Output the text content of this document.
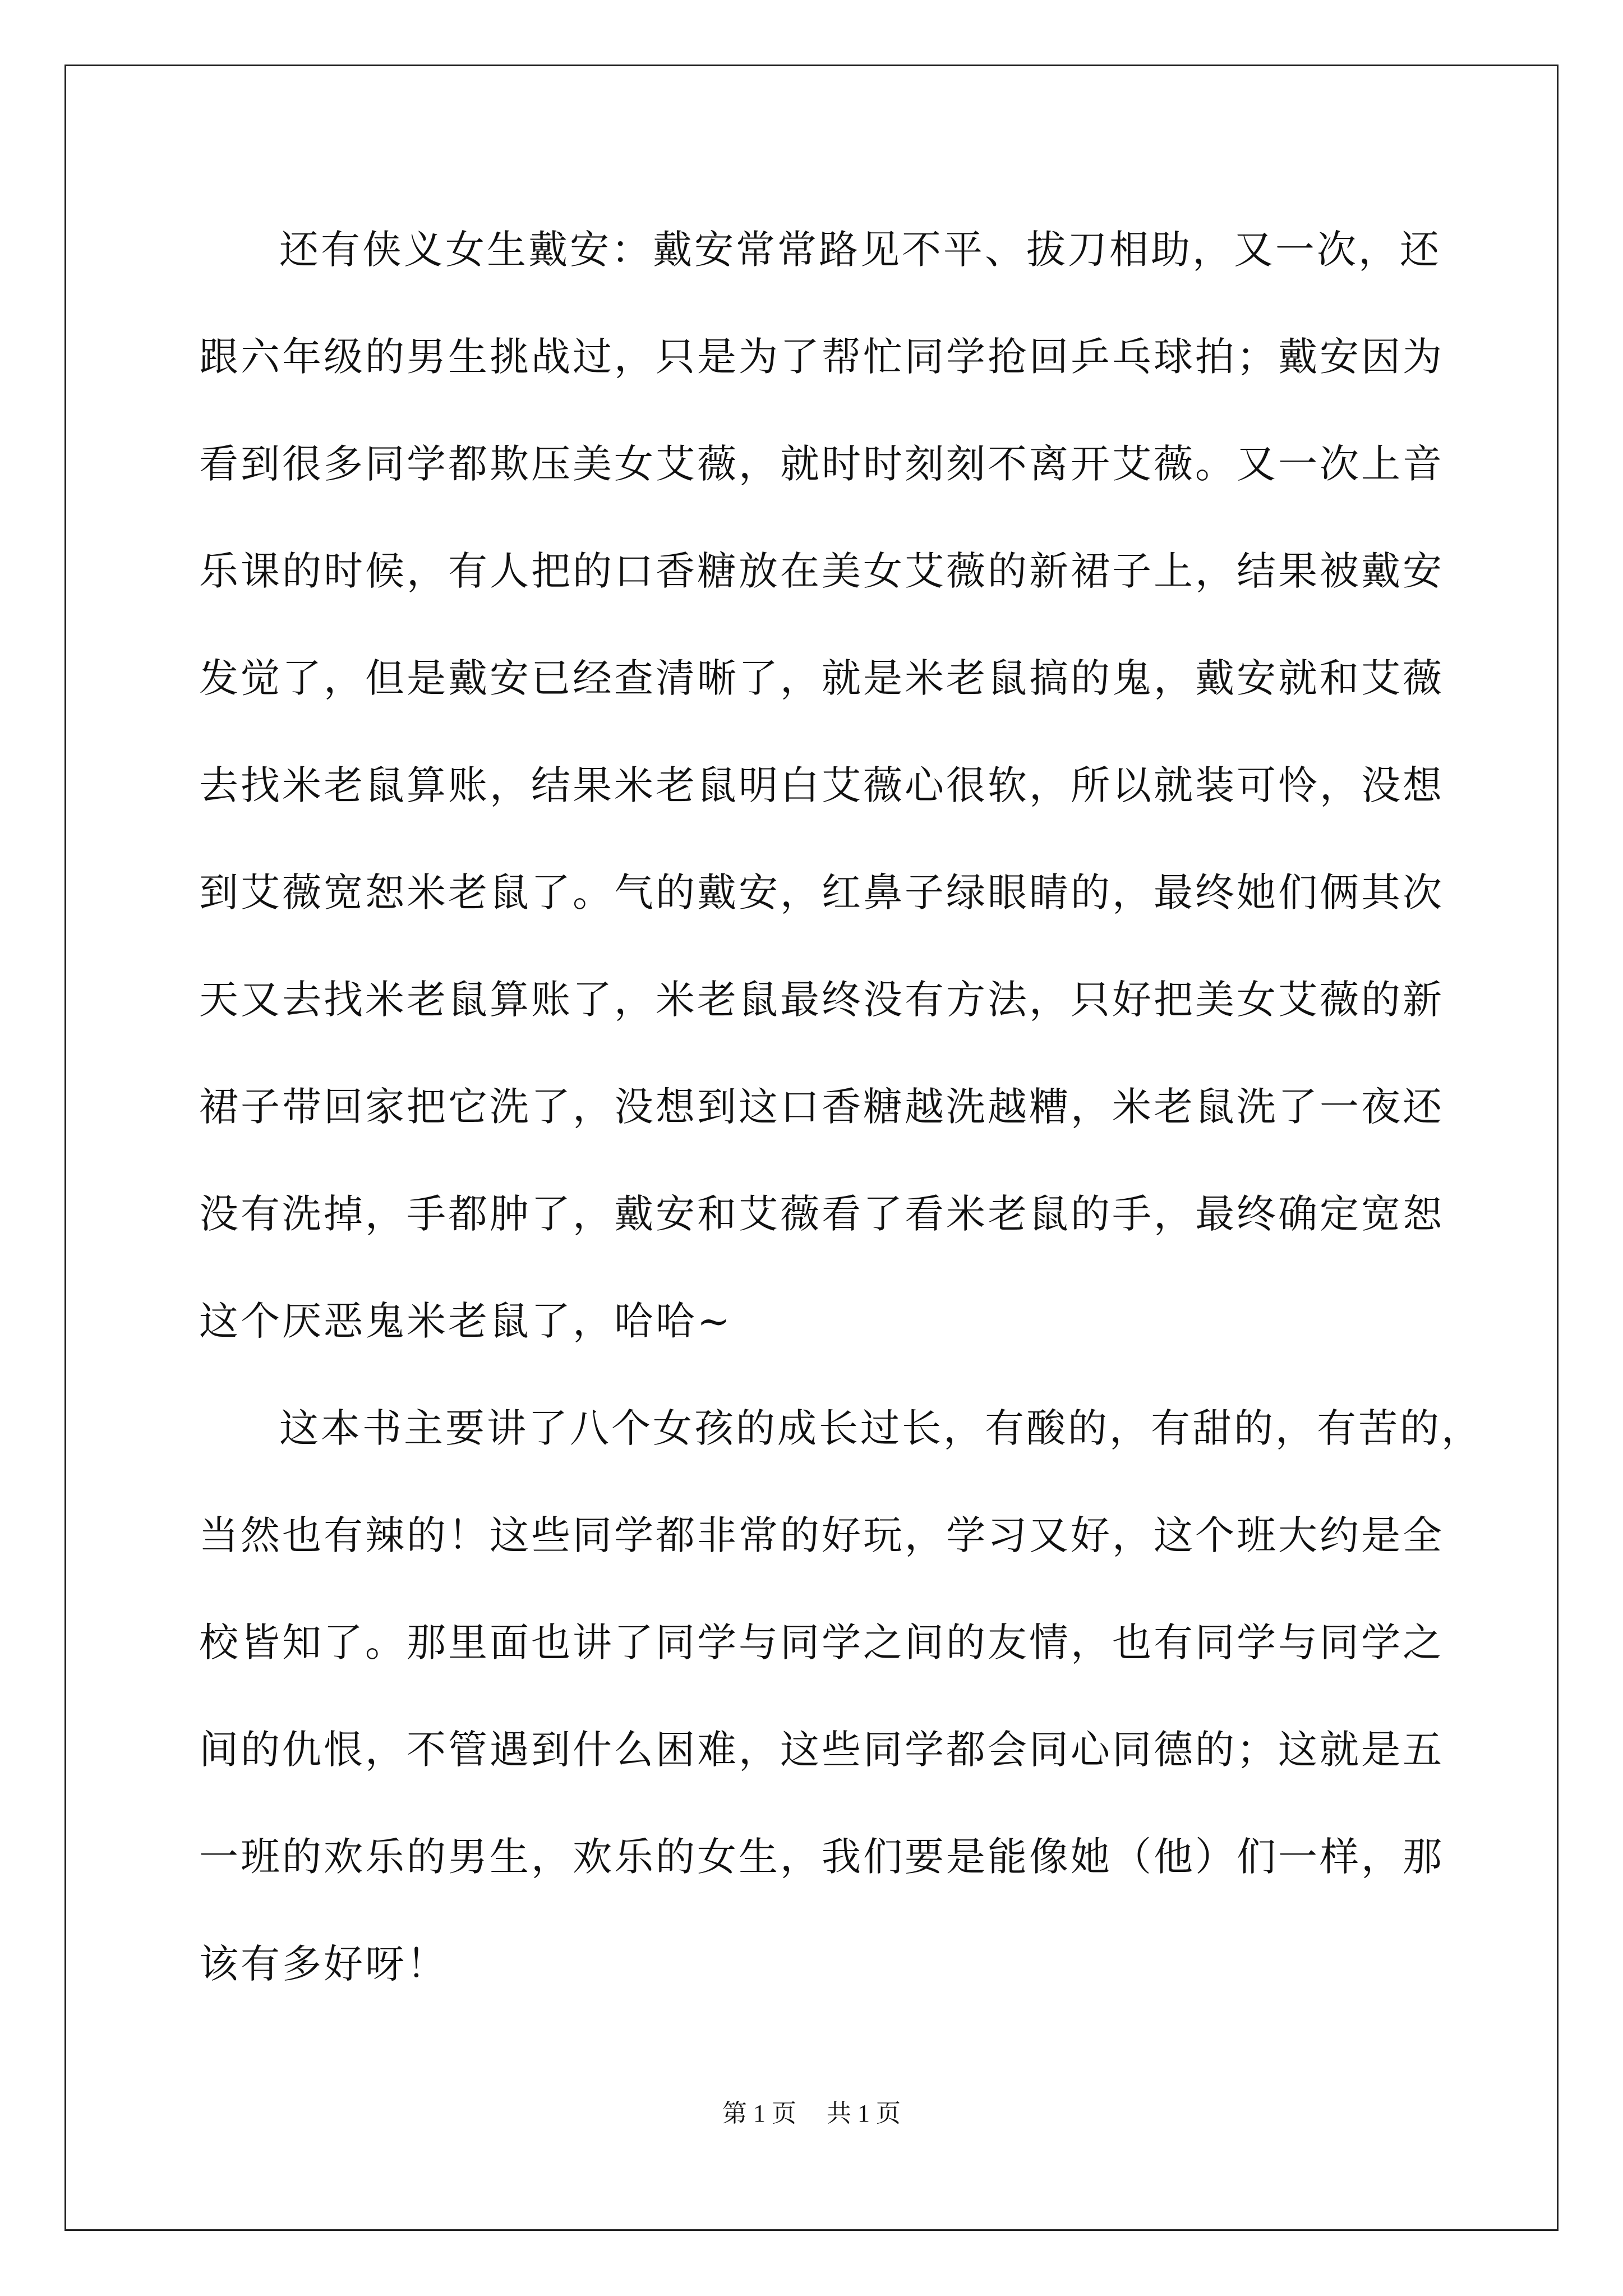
还有侠义女生戴安：戴安常常路见不平、拔刀相助，又一次，还
跟六年级的男生挑战过，只是为了帮忙同学抢回乒乓球拍；戴安因为
看到很多同学都欺压美女艾薇，就时时刻刻不离开艾薇。又一次上音
乐课的时候，有人把的口香糖放在美女艾薇的新裙子上，结果被戴安
发觉了，但是戴安已经查清晰了，就是米老鼠搞的鬼，戴安就和艾薇
去找米老鼠算账，结果米老鼠明白艾薇心很软，所以就装可怜，没想
到艾薇宽恕米老鼠了。气的戴安，红鼻子绿眼睛的，最终她们俩其次
天又去找米老鼠算账了，米老鼠最终没有方法，只好把美女艾薇的新
裙子带回家把它洗了，没想到这口香糖越洗越糟，米老鼠洗了一夜还
没有洗掉，手都肿了，戴安和艾薇看了看米老鼠的手，最终确定宽恕
这个厌恶鬼米老鼠了，哈哈~
这本书主要讲了八个女孩的成长过长，有酸的，有甜的，有苦的，
当然也有辣的！这些同学都非常的好玩，学习又好，这个班大约是全
校皆知了。那里面也讲了同学与同学之间的友情，也有同学与同学之
间的仇恨，不管遇到什么困难，这些同学都会同心同德的；这就是五
一班的欢乐的男生，欢乐的女生，我们要是能像她（他）们一样，那
该有多好呀！
第 1 页 共 1 页
